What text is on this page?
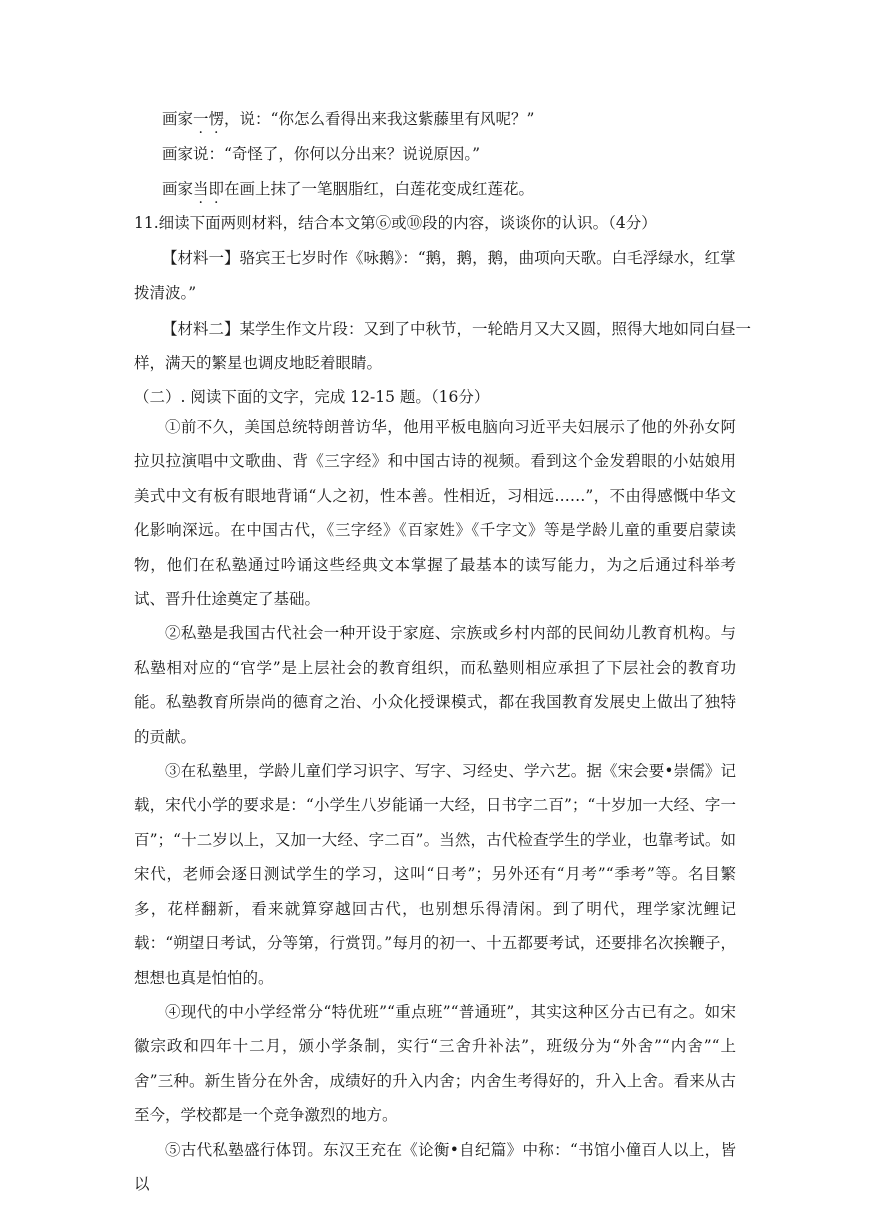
画家一愣，说：“你怎么看得出来我这紫藤里有风呢？”
画家说：“奇怪了，你何以分出来？说说原因。”
画家当即在画上抹了一笔胭脂红，白莲花变成红莲花。
11.细读下面两则材料，结合本文第⑥或⑩段的内容，谈谈你的认识。（4分）
【材料一】骆宾王七岁时作《咏鹅》：“鹅，鹅，鹅，曲项向天歌。白毛浮绿水，红掌
拨清波。”
【材料二】某学生作文片段：又到了中秋节，一轮皓月又大又圆，照得大地如同白昼一
样，满天的繁星也调皮地眨着眼睛。
（二）. 阅读下面的文字，完成 12-15 题。（16分）

①前不久，美国总统特朗普访华，他用平板电脑向习近平夫妇展示了他的外孙女阿拉贝拉演唱中文歌曲、背《三字经》和中国古诗的视频。看到这个金发碧眼的小姑娘用美式中文有板有眼地背诵“人之初，性本善。性相近，习相远……”，不由得感慨中华文化影响深远。在中国古代，《三字经》《百家姓》《千字文》等是学龄儿童的重要启蒙读物，他们在私塾通过吟诵这些经典文本掌握了最基本的读写能力，为之后通过科举考试、晋升仕途奠定了基础。

②私塾是我国古代社会一种开设于家庭、宗族或乡村内部的民间幼儿教育机构。与私塾相对应的“官学”是上层社会的教育组织，而私塾则相应承担了下层社会的教育功能。私塾教育所崇尚的德育之治、小众化授课模式，都在我国教育发展史上做出了独特的贡献。

③在私塾里，学龄儿童们学习识字、写字、习经史、学六艺。据《宋会要•崇儒》记载，宋代小学的要求是：“小学生八岁能诵一大经，日书字二百”；“十岁加一大经、字一百”；“十二岁以上，又加一大经、字二百”。当然，古代检查学生的学业，也靠考试。如宋代，老师会逐日测试学生的学习，这叫“日考”；另外还有“月考”“季考”等。名目繁多，花样翻新，看来就算穿越回古代，也别想乐得清闲。到了明代，理学家沈鲤记载：“朔望日考试，分等第，行赏罚。”每月的初一、十五都要考试，还要排名次挨鞭子，想想也真是怕怕的。

④现代的中小学经常分“特优班”“重点班”“普通班”，其实这种区分古已有之。如宋徽宗政和四年十二月，颁小学条制，实行“三舍升补法”，班级分为“外舍”“内舍”“上舍”三种。新生皆分在外舍，成绩好的升入内舍；内舍生考得好的，升入上舍。看来从古至今，学校都是一个竞争激烈的地方。

⑤古代私塾盛行体罚。东汉王充在《论衡•自纪篇》中称：“书馆小僮百人以上，皆以
